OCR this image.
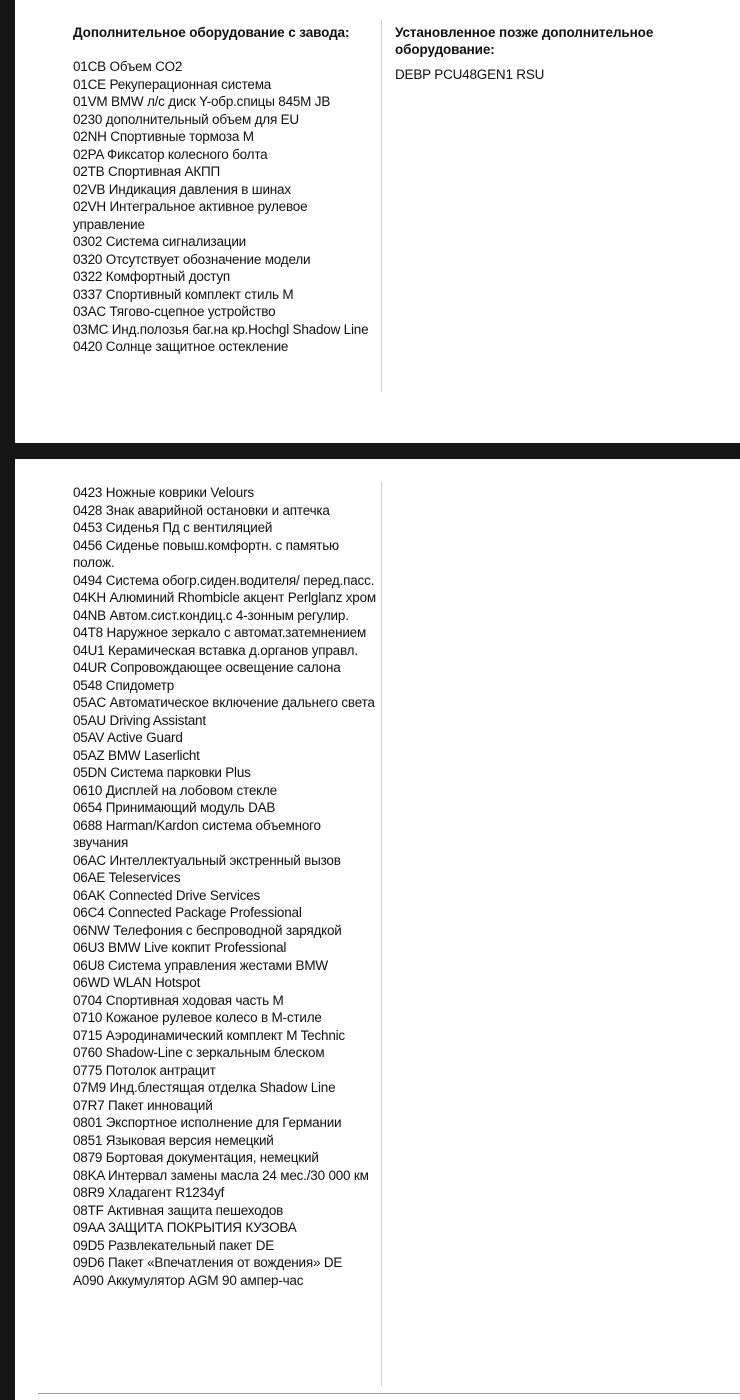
Дополнительное оборудование с завода:
01CB Объем CO2
01CE Рекуперационная система
01VM BMW л/с диск Y-обр.спицы 845M JB
0230 дополнительный объем для EU
02NH Спортивные тормоза M
02PA Фиксатор колесного болта
02TB Спортивная АКПП
02VB Индикация давления в шинах
02VH Интегральное активное рулевое управление
0302 Система сигнализации
0320 Отсутствует обозначение модели
0322 Комфортный доступ
0337 Спортивный комплект стиль M
03AC Тягово-сцепное устройство
03MC Инд.полозья баг.на кр.Hochgl Shadow Line
0420 Солнце защитное остекление
Установленное позже дополнительное оборудование:
DEBP PCU48GEN1 RSU
0423 Ножные коврики Velours
0428 Знак аварийной остановки и аптечка
0453 Сиденья Пд с вентиляцией
0456 Сиденье повыш.комфортн. с памятью полож.
0494 Система обогр.сиден.водителя/ перед.пасс.
04KH Алюминий Rhombicle акцент Perlglanz хром
04NB Автом.сист.кондиц.с 4-зонным регулир.
04T8 Наружное зеркало с автомат.затемнением
04U1 Керамическая вставка д.органов управл.
04UR Сопровождающее освещение салона
0548 Спидометр
05AC Автоматическое включение дальнего света
05AU Driving Assistant
05AV Active Guard
05AZ BMW Laserlicht
05DN Система парковки Plus
0610 Дисплей на лобовом стекле
0654 Принимающий модуль DAB
0688 Harman/Kardon система объемного звучания
06AC Интеллектуальный экстренный вызов
06AE Teleservices
06AK Connected Drive Services
06C4 Connected Package Professional
06NW Телефония с беспроводной зарядкой
06U3 BMW Live кокпит Professional
06U8 Система управления жестами BMW
06WD WLAN Hotspot
0704 Спортивная ходовая часть M
0710 Кожаное рулевое колесо в M-стиле
0715 Аэродинамический комплект M Technic
0760 Shadow-Line с зеркальным блеском
0775 Потолок антрацит
07M9 Инд.блестящая отделка Shadow Line
07R7 Пакет инноваций
0801 Экспортное исполнение для Германии
0851 Языковая версия немецкий
0879 Бортовая документация, немецкий
08KA Интервал замены масла 24 мес./30 000 км
08R9 Хладагент R1234yf
08TF Активная защита пешеходов
09AA ЗАЩИТА ПОКРЫТИЯ КУЗОВА
09D5 Развлекательный пакет DE
09D6 Пакет «Впечатления от вождения» DE
A090 Аккумулятор AGM 90 ампер-час
